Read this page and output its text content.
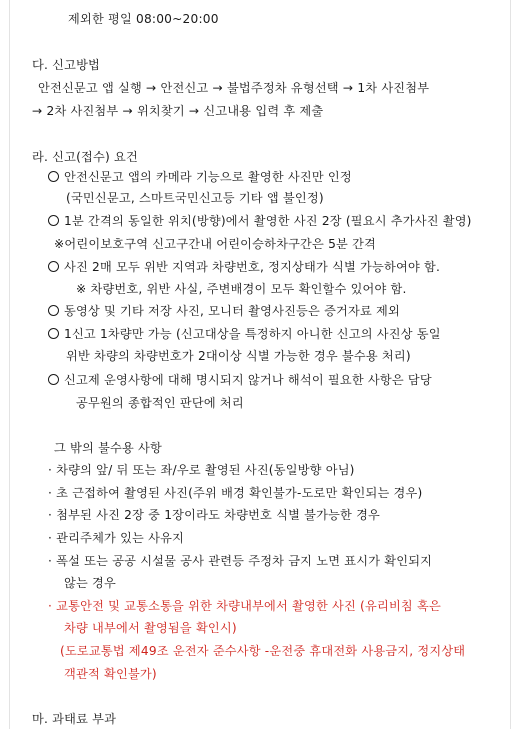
제외한 평일 08:00~20:00
다. 신고방법
안전신문고 앱 실행 → 안전신고 → 불법주정차 유형선택 → 1차 사진첨부
→ 2차 사진첨부 → 위치찾기 → 신고내용 입력 후 제출
라. 신고(접수) 요건
안전신문고 앱의 카메라 기능으로 촬영한 사진만 인정
(국민신문고, 스마트국민신고등 기타 앱 불인정)
1분 간격의 동일한 위치(방향)에서 촬영한 사진 2장 (필요시 추가사진 촬영)
※어린이보호구역 신고구간내 어린이승하차구간은 5분 간격
사진 2매 모두 위반 지역과 차량번호, 정지상태가 식별 가능하여야 함.
※ 차량번호, 위반 사실, 주변배경이 모두 확인할수 있어야 함.
동영상 및 기타 저장 사진, 모니터 촬영사진등은 증거자료 제외
1신고 1차량만 가능 (신고대상을 특정하지 아니한 신고의 사진상 동일
위반 차량의 차량번호가 2대이상 식별 가능한 경우 불수용 처리)
신고제 운영사항에 대해 명시되지 않거나 해석이 필요한 사항은 담당
공무원의 종합적인 판단에 처리
그 밖의 불수용 사항
· 차량의 앞/ 뒤 또는 좌/우로 촬영된 사진(동일방향 아님)
· 초 근접하여 촬영된 사진(주위 배경 확인불가-도로만 확인되는 경우)
· 첨부된 사진 2장 중 1장이라도 차량번호 식별 불가능한 경우
· 관리주체가 있는 사유지
· 폭설 또는 공공 시설물 공사 관련등 주정차 금지 노면 표시가 확인되지
않는 경우
· 교통안전 및 교통소통을 위한 차량내부에서 촬영한 사진 (유리비침 혹은
차량 내부에서 촬영됨을 확인시)
(도로교통법 제49조 운전자 준수사항 -운전중 휴대전화 사용금지, 정지상태
객관적 확인불가)
마. 과태료 부과
